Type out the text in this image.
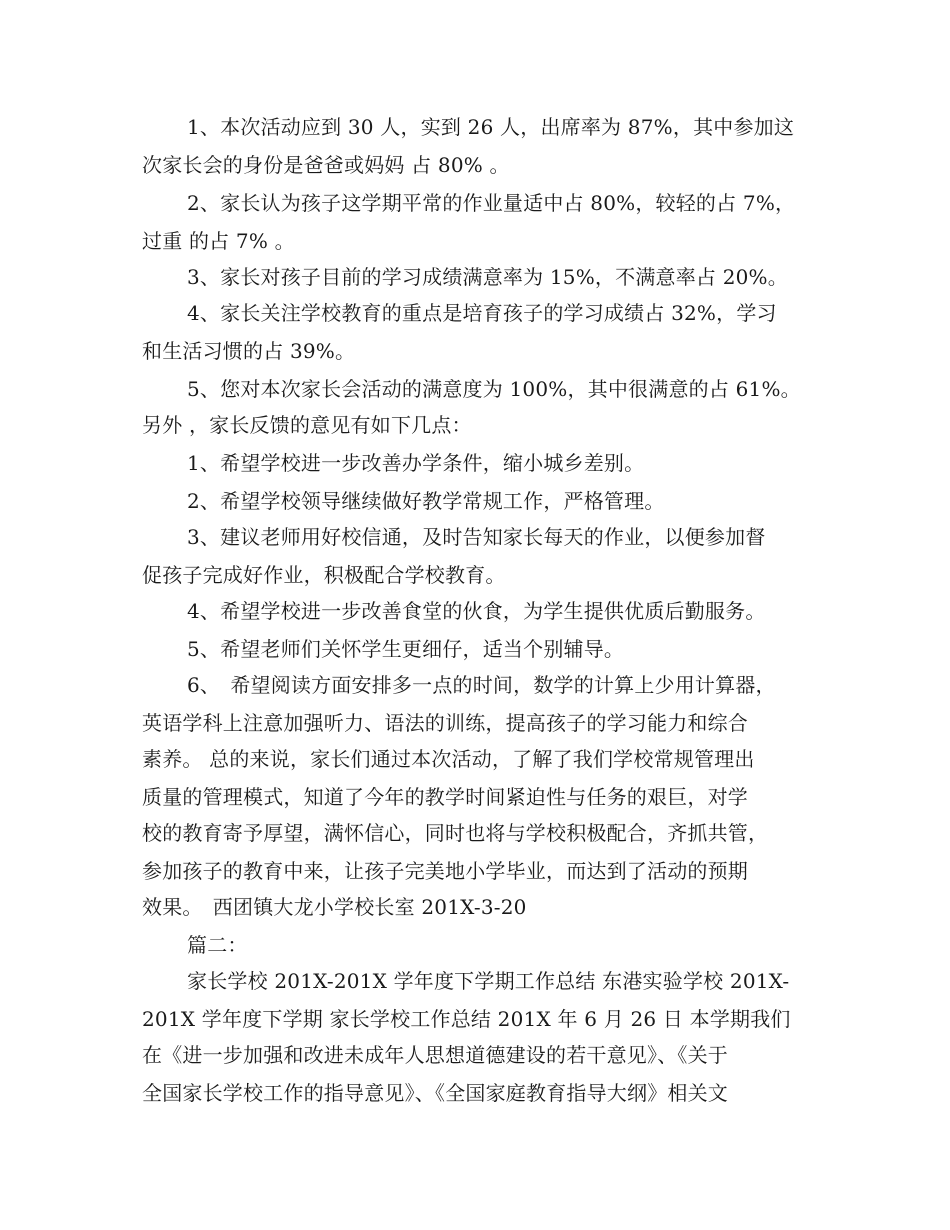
1、本次活动应到 30 人，实到 26 人，出席率为 87%，其中参加这
次家长会的身份是爸爸或妈妈 占 80% 。
2、家长认为孩子这学期平常的作业量适中占 80%，较轻的占 7%，
过重 的占 7% 。
3、家长对孩子目前的学习成绩满意率为 15%，不满意率占 20%。
4、家长关注学校教育的重点是培育孩子的学习成绩占 32%，学习
和生活习惯的占 39%。
5、您对本次家长会活动的满意度为 100%，其中很满意的占 61%。
另外 ，家长反馈的意见有如下几点：
1、希望学校进一步改善办学条件，缩小城乡差别。
2、希望学校领导继续做好教学常规工作，严格管理。
3、建议老师用好校信通，及时告知家长每天的作业，以便参加督
促孩子完成好作业，积极配合学校教育。
4、希望学校进一步改善食堂的伙食，为学生提供优质后勤服务。
5、希望老师们关怀学生更细仔，适当个别辅导。
6、　希望阅读方面安排多一点的时间，数学的计算上少用计算器，
英语学科上注意加强听力、语法的训练，提高孩子的学习能力和综合
素养。 总的来说，家长们通过本次活动，了解了我们学校常规管理出
质量的管理模式，知道了今年的教学时间紧迫性与任务的艰巨，对学
校的教育寄予厚望，满怀信心，同时也将与学校积极配合，齐抓共管，
参加孩子的教育中来，让孩子完美地小学毕业，而达到了活动的预期
效果。　西团镇大龙小学校长室 201X-3-20
篇二：
家长学校 201X-201X 学年度下学期工作总结 东港实验学校 201X-
201X 学年度下学期 家长学校工作总结 201X 年 6 月 26 日 本学期我们
在《进一步加强和改进未成年人思想道德建设的若干意见》、《关于
全国家长学校工作的指导意见》、《全国家庭教育指导大纲》相关文
